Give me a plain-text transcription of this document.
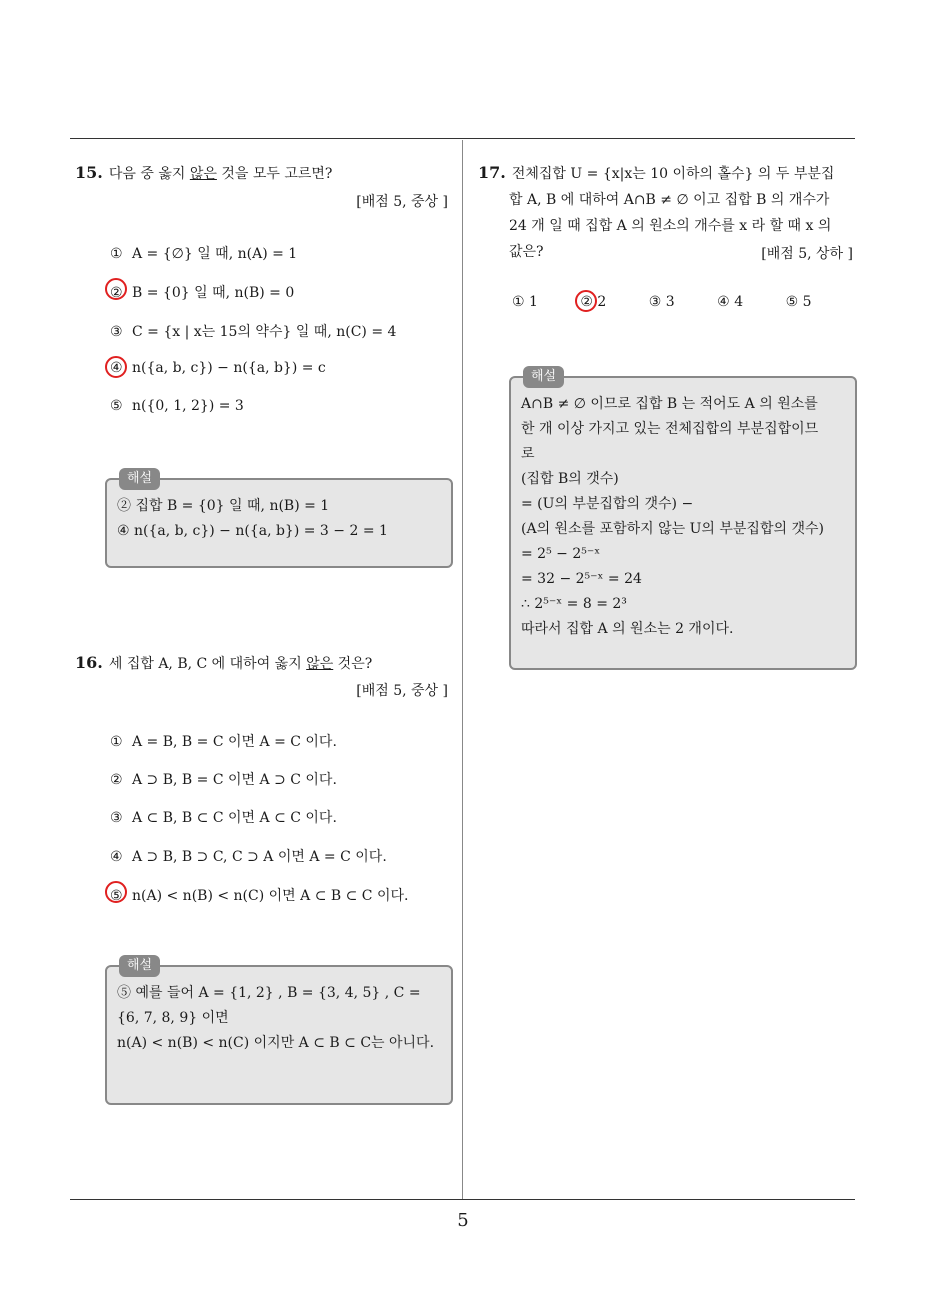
15. 다음 중 옳지 않은 것을 모두 고르면?
[배점 5, 중상 ]
① A = {∅} 일 때, n(A) = 1
② B = {0} 일 때, n(B) = 0
③ C = {x | x는 15의 약수} 일 때, n(C) = 4
④ n({a, b, c}) − n({a, b}) = c
⑤ n({0, 1, 2}) = 3
해설
② 집합 B = {0} 일 때, n(B) = 1
④ n({a, b, c}) − n({a, b}) = 3 − 2 = 1
16. 세 집합 A, B, C 에 대하여 옳지 않은 것은?
[배점 5, 중상 ]
① A = B, B = C 이면 A = C 이다.
② A ⊃ B, B = C 이면 A ⊃ C 이다.
③ A ⊂ B, B ⊂ C 이면 A ⊂ C 이다.
④ A ⊃ B, B ⊃ C, C ⊃ A 이면 A = C 이다.
⑤ n(A) < n(B) < n(C) 이면 A ⊂ B ⊂ C 이다.
해설
⑤ 예를 들어 A = {1, 2} , B = {3, 4, 5} , C = {6, 7, 8, 9} 이면
n(A) < n(B) < n(C) 이지만 A ⊂ B ⊂ C는 아니다.
17. 전체집합 U = {x|x는 10 이하의 홀수} 의 두 부분집
합 A, B 에 대하여 A∩B ≠ ∅ 이고 집합 B 의 개수가
24 개 일 때 집합 A 의 원소의 개수를 x 라 할 때 x 의
값은?	[배점 5, 상하 ]
① 1	② 2	③ 3	④ 4	⑤ 5
해설
A∩B ≠ ∅ 이므로 집합 B 는 적어도 A 의 원소를
한 개 이상 가지고 있는 전체집합의 부분집합이므
로
(집합 B의 갯수)
= (U의 부분집합의 갯수) −
(A의 원소를 포함하지 않는 U의 부분집합의 갯수)
= 2⁵ − 2⁵⁻ˣ
= 32 − 2⁵⁻ˣ = 24
∴ 2⁵⁻ˣ = 8 = 2³
따라서 집합 A 의 원소는 2 개이다.
5
